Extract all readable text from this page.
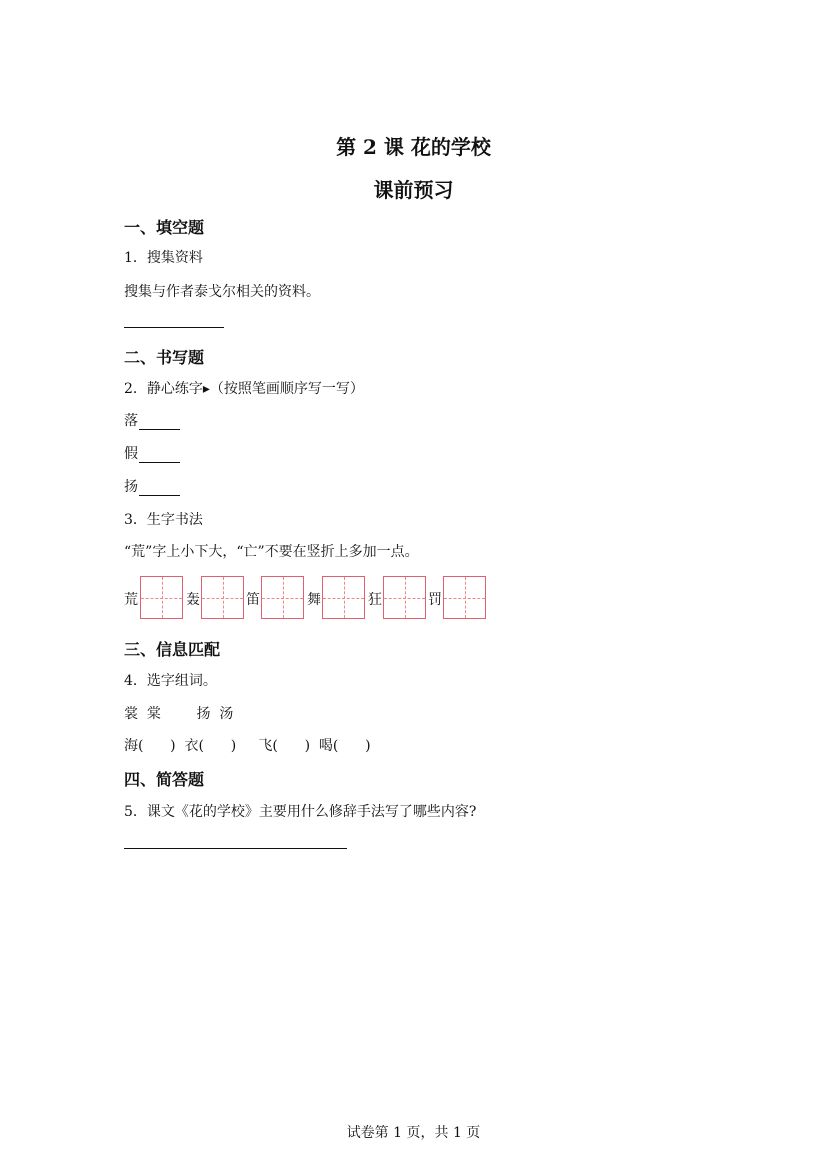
第 2 课 花的学校
课前预习
一、填空题
1．搜集资料
搜集与作者泰戈尔相关的资料。
二、书写题
2．静心练字▸（按照笔画顺序写一写）
落
假
扬
3．生字书法
“荒”字上小下大，“亡”不要在竖折上多加一点。
荒	轰	笛	舞	狂	罚
三、信息匹配
4．选字组词。
裳  棠        扬  汤
海(      )  衣(      )     飞(      )  喝(      )
四、简答题
5．课文《花的学校》主要用什么修辞手法写了哪些内容?
试卷第 1 页，共 1 页
